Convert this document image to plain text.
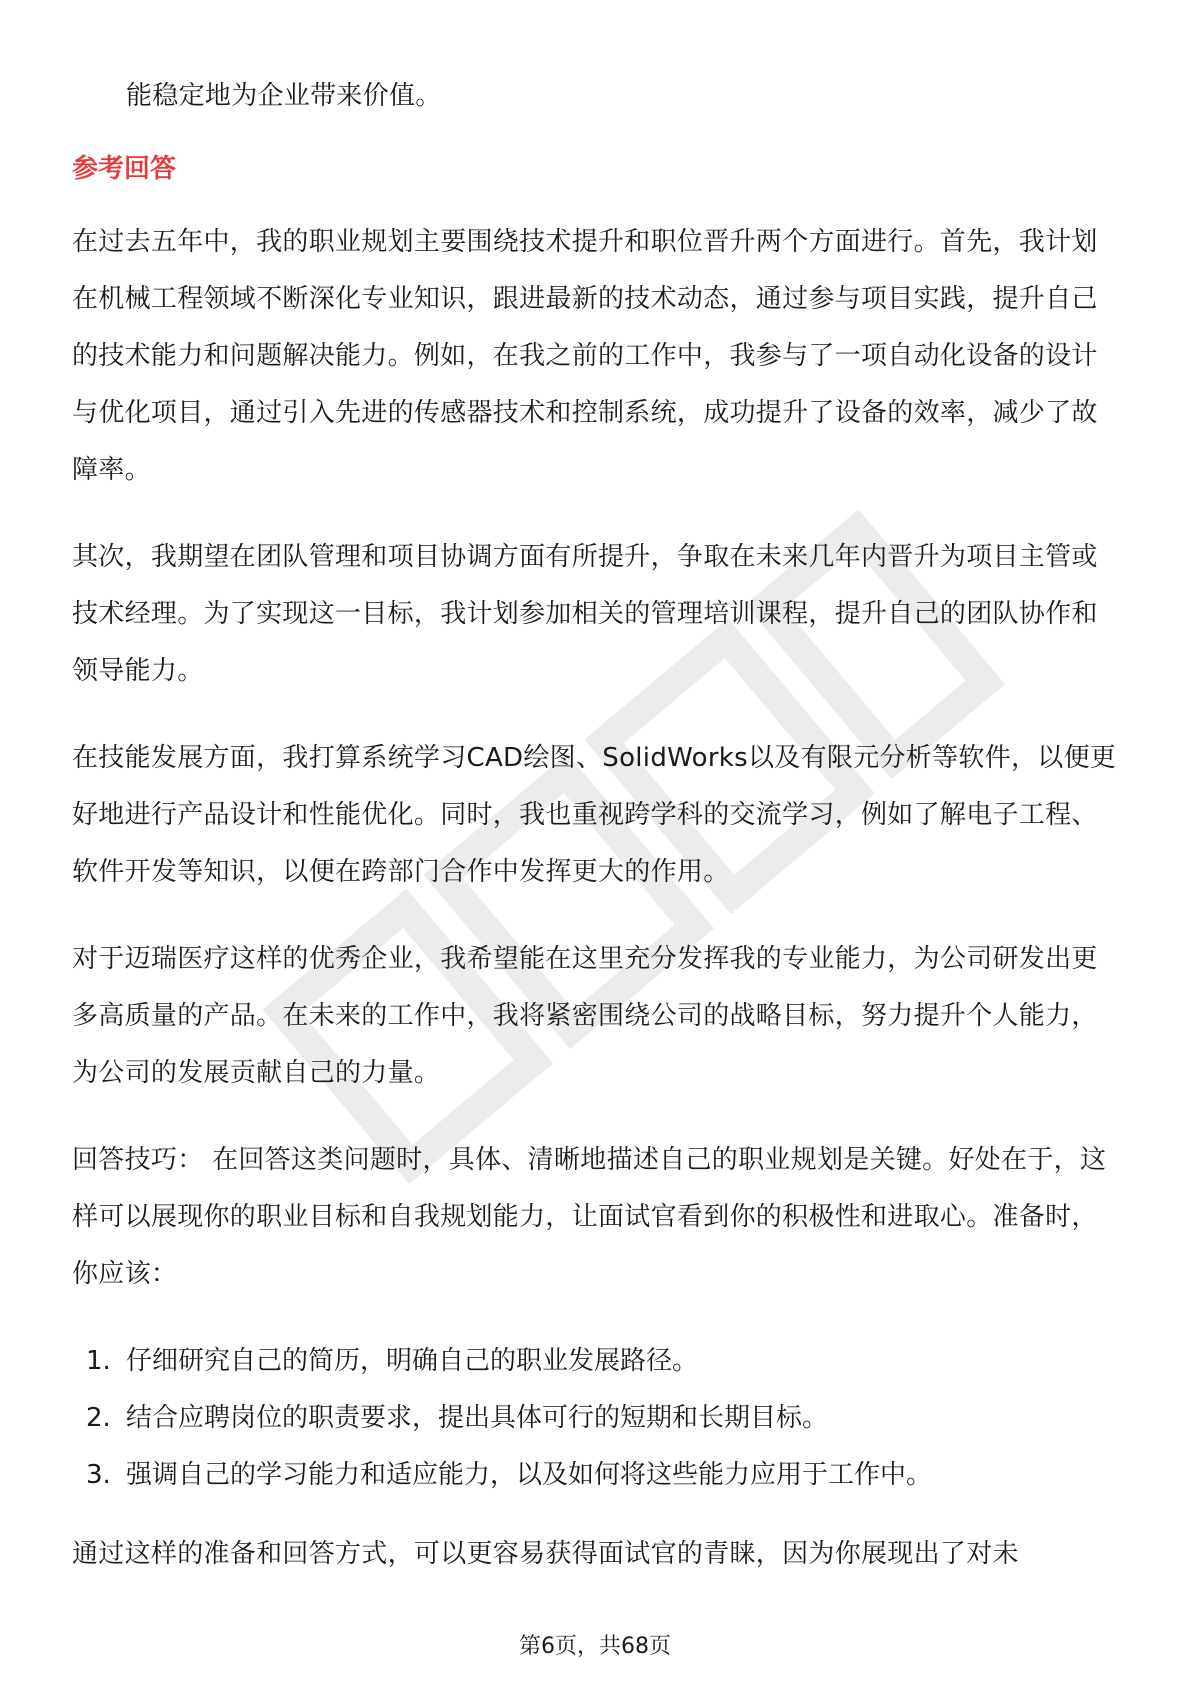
能稳定地为企业带来价值。

参考回答

在过去五年中，我的职业规划主要围绕技术提升和职位晋升两个方面进行。首先，我计划在机械工程领域不断深化专业知识，跟进最新的技术动态，通过参与项目实践，提升自己的技术能力和问题解决能力。例如，在我之前的工作中，我参与了一项自动化设备的设计与优化项目，通过引入先进的传感器技术和控制系统，成功提升了设备的效率，减少了故障率。

其次，我期望在团队管理和项目协调方面有所提升，争取在未来几年内晋升为项目主管或技术经理。为了实现这一目标，我计划参加相关的管理培训课程，提升自己的团队协作和领导能力。

在技能发展方面，我打算系统学习CAD绘图、SolidWorks以及有限元分析等软件，以便更好地进行产品设计和性能优化。同时，我也重视跨学科的交流学习，例如了解电子工程、软件开发等知识，以便在跨部门合作中发挥更大的作用。

对于迈瑞医疗这样的优秀企业，我希望能在这里充分发挥我的专业能力，为公司研发出更多高质量的产品。在未来的工作中，我将紧密围绕公司的战略目标，努力提升个人能力，为公司的发展贡献自己的力量。

回答技巧： 在回答这类问题时，具体、清晰地描述自己的职业规划是关键。好处在于，这样可以展现你的职业目标和自我规划能力，让面试官看到你的积极性和进取心。准备时，你应该：

1. 仔细研究自己的简历，明确自己的职业发展路径。
2. 结合应聘岗位的职责要求，提出具体可行的短期和长期目标。
3. 强调自己的学习能力和适应能力，以及如何将这些能力应用于工作中。

通过这样的准备和回答方式，可以更容易获得面试官的青睐，因为你展现出了对未

第6页，共68页
